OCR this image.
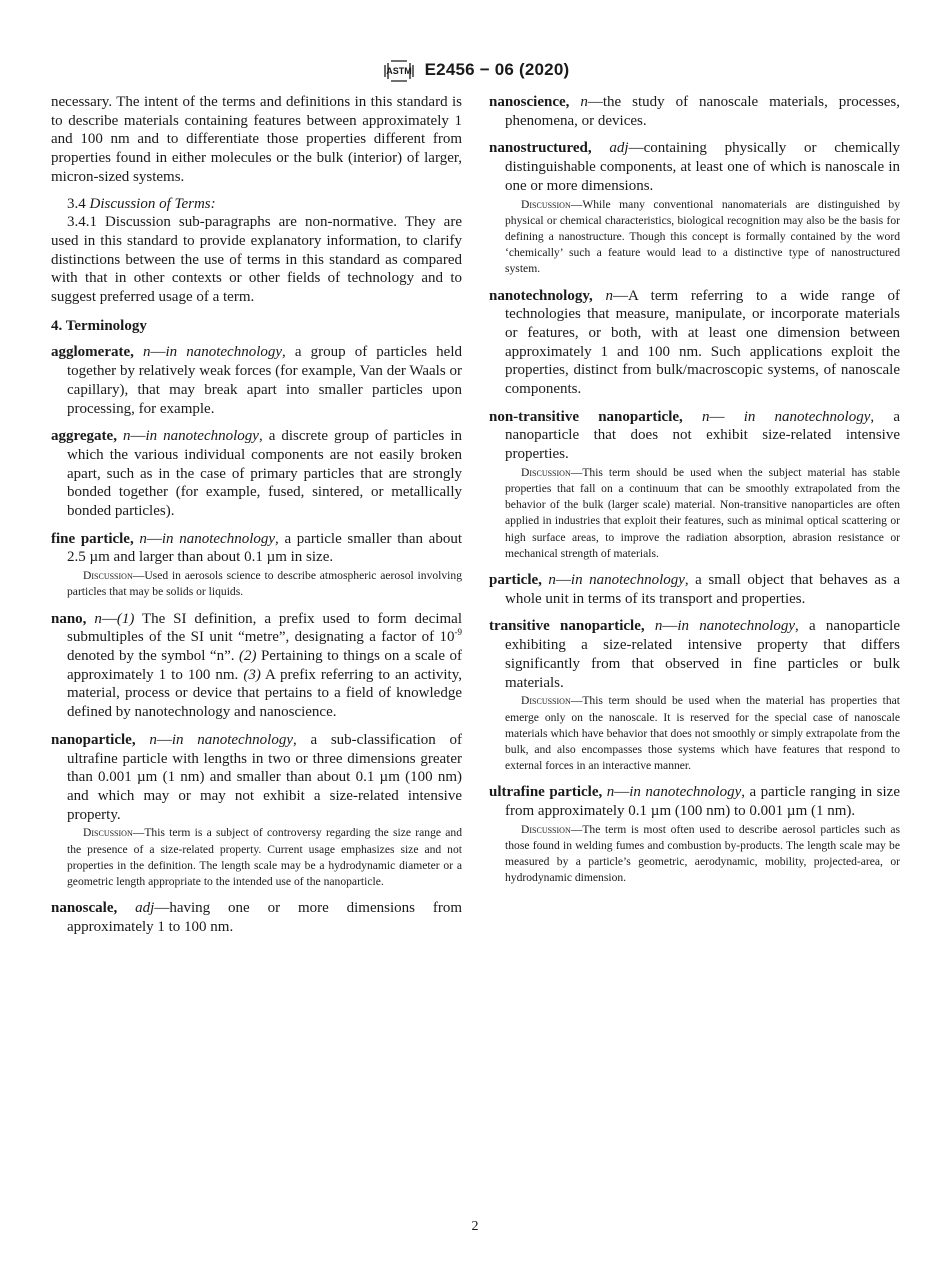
ASTM E2456 − 06 (2020)

necessary. The intent of the terms and definitions in this standard is to describe materials containing features between approximately 1 and 100 nm and to differentiate those properties different from properties found in either molecules or the bulk (interior) of larger, micron-sized systems.

3.4 Discussion of Terms:

3.4.1 Discussion sub-paragraphs are non-normative. They are used in this standard to provide explanatory information, to clarify distinctions between the use of terms in this standard as compared with that in other contexts or other fields of technology and to suggest preferred usage of a term.

4. Terminology

agglomerate, n—in nanotechnology, a group of particles held together by relatively weak forces (for example, Van der Waals or capillary), that may break apart into smaller particles upon processing, for example.

aggregate, n—in nanotechnology, a discrete group of particles in which the various individual components are not easily broken apart, such as in the case of primary particles that are strongly bonded together (for example, fused, sintered, or metallically bonded particles).

fine particle, n—in nanotechnology, a particle smaller than about 2.5 µm and larger than about 0.1 µm in size.

Discussion—Used in aerosols science to describe atmospheric aerosol involving particles that may be solids or liquids.

nano, n—(1) The SI definition, a prefix used to form decimal submultiples of the SI unit “metre”, designating a factor of $10^{-9}$ denoted by the symbol “n”. (2) Pertaining to things on a scale of approximately 1 to 100 nm. (3) A prefix referring to an activity, material, process or device that pertains to a field of knowledge defined by nanotechnology and nanoscience.

nanoparticle, n—in nanotechnology, a sub-classification of ultrafine particle with lengths in two or three dimensions greater than 0.001 µm (1 nm) and smaller than about 0.1 µm (100 nm) and which may or may not exhibit a size-related intensive property.

Discussion—This term is a subject of controversy regarding the size range and the presence of a size-related property. Current usage emphasizes size and not properties in the definition. The length scale may be a hydrodynamic diameter or a geometric length appropriate to the intended use of the nanoparticle.

nanoscale, adj—having one or more dimensions from approximately 1 to 100 nm.

nanoscience, n—the study of nanoscale materials, processes, phenomena, or devices.

nanostructured, adj—containing physically or chemically distinguishable components, at least one of which is nanoscale in one or more dimensions.

Discussion—While many conventional nanomaterials are distinguished by physical or chemical characteristics, biological recognition may also be the basis for defining a nanostructure. Though this concept is formally contained by the word ‘chemically’ such a feature would lead to a distinctive type of nanostructured system.

nanotechnology, n—A term referring to a wide range of technologies that measure, manipulate, or incorporate materials or features, or both, with at least one dimension between approximately 1 and 100 nm. Such applications exploit the properties, distinct from bulk/macroscopic systems, of nanoscale components.

non-transitive nanoparticle, n— in nanotechnology, a nanoparticle that does not exhibit size-related intensive properties.

Discussion—This term should be used when the subject material has stable properties that fall on a continuum that can be smoothly extrapolated from the behavior of the bulk (larger scale) material. Non-transitive nanoparticles are often applied in industries that exploit their features, such as minimal optical scattering or high surface areas, to improve the radiation absorption, abrasion resistance or mechanical strength of materials.

particle, n—in nanotechnology, a small object that behaves as a whole unit in terms of its transport and properties.

transitive nanoparticle, n—in nanotechnology, a nanoparticle exhibiting a size-related intensive property that differs significantly from that observed in fine particles or bulk materials.

Discussion—This term should be used when the material has properties that emerge only on the nanoscale. It is reserved for the special case of nanoscale materials which have behavior that does not smoothly or simply extrapolate from the bulk, and also encompasses those systems which have features that respond to external forces in an interactive manner.

ultrafine particle, n—in nanotechnology, a particle ranging in size from approximately 0.1 µm (100 nm) to 0.001 µm (1 nm).

Discussion—The term is most often used to describe aerosol particles such as those found in welding fumes and combustion by-products. The length scale may be measured by a particle’s geometric, aerodynamic, mobility, projected-area, or hydrodynamic dimension.

2
